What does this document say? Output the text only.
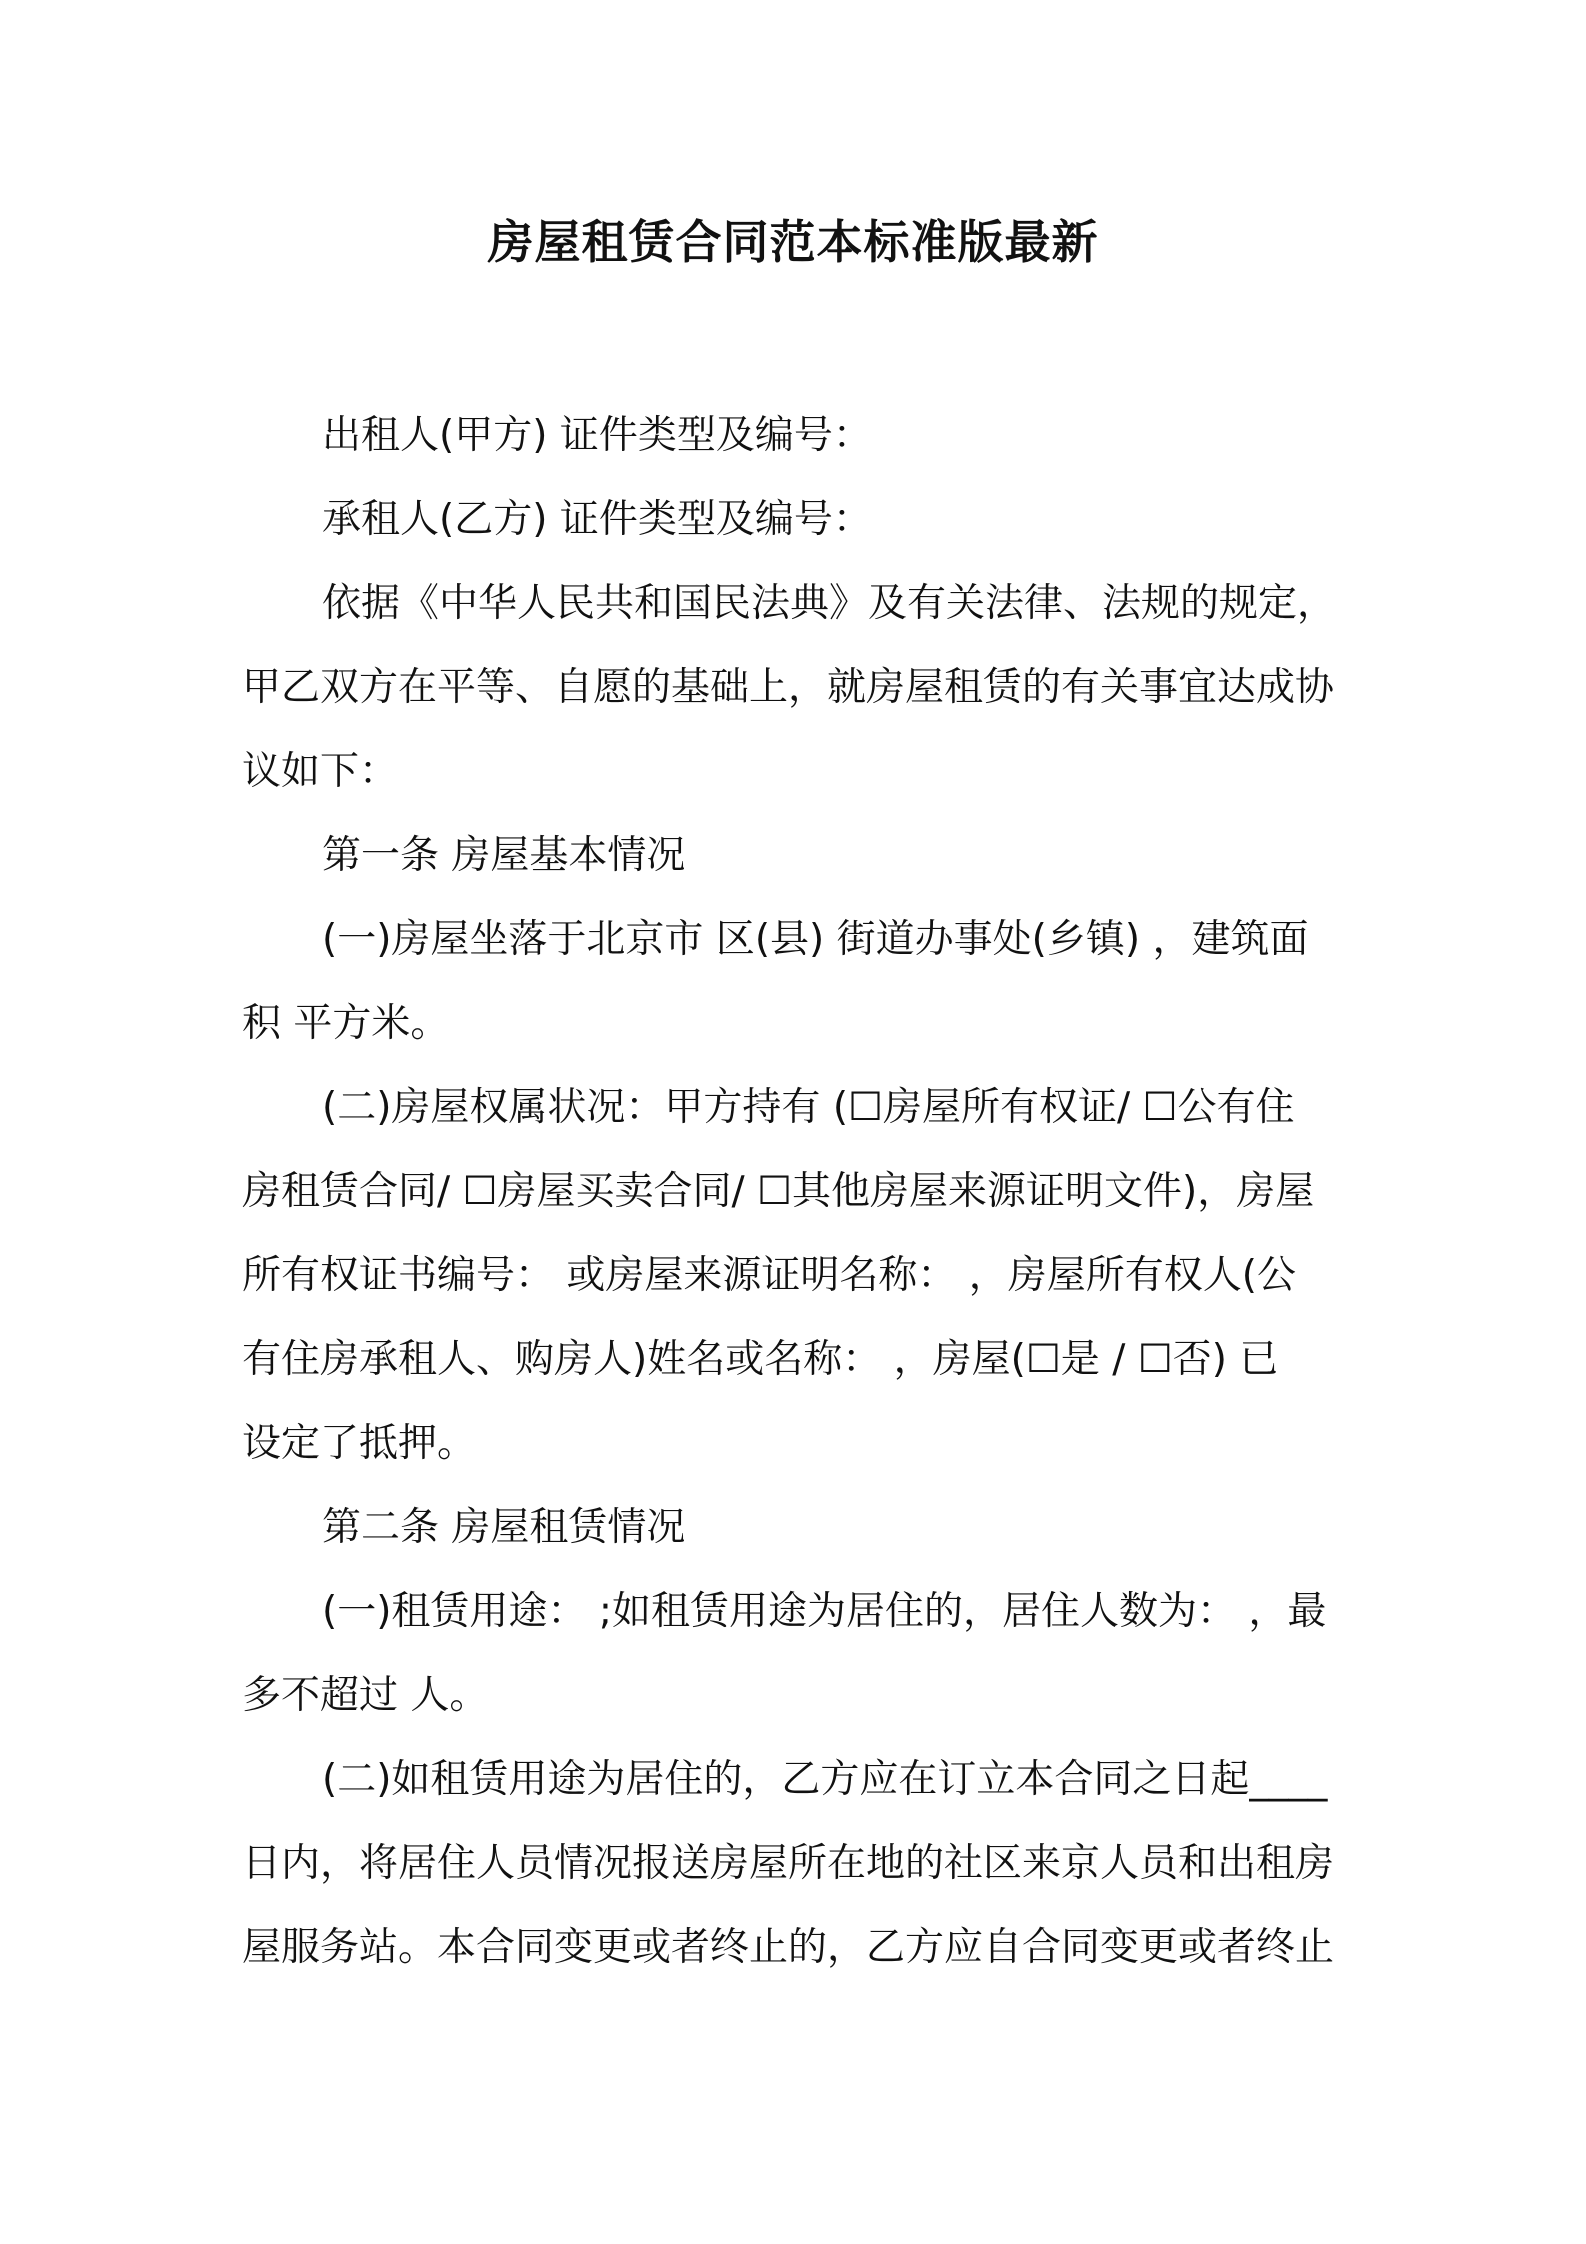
房屋租赁合同范本标准版最新
出租人(甲方) 证件类型及编号：
承租人(乙方) 证件类型及编号：
依据《中华人民共和国民法典》及有关法律、法规的规定，
甲乙双方在平等、自愿的基础上，就房屋租赁的有关事宜达成协
议如下：
第一条 房屋基本情况
(一)房屋坐落于北京市 区(县) 街道办事处(乡镇) ，建筑面
积 平方米。
(二)房屋权属状况：甲方持有 (☐房屋所有权证/ ☐公有住
房租赁合同/ ☐房屋买卖合同/ ☐其他房屋来源证明文件)，房屋
所有权证书编号： 或房屋来源证明名称： ，房屋所有权人(公
有住房承租人、购房人)姓名或名称： ，房屋(☐是 / ☐否) 已
设定了抵押。
第二条 房屋租赁情况
(一)租赁用途： ;如租赁用途为居住的，居住人数为： ，最
多不超过 人。
(二)如租赁用途为居住的，乙方应在订立本合同之日起____
日内，将居住人员情况报送房屋所在地的社区来京人员和出租房
屋服务站。本合同变更或者终止的，乙方应自合同变更或者终止
